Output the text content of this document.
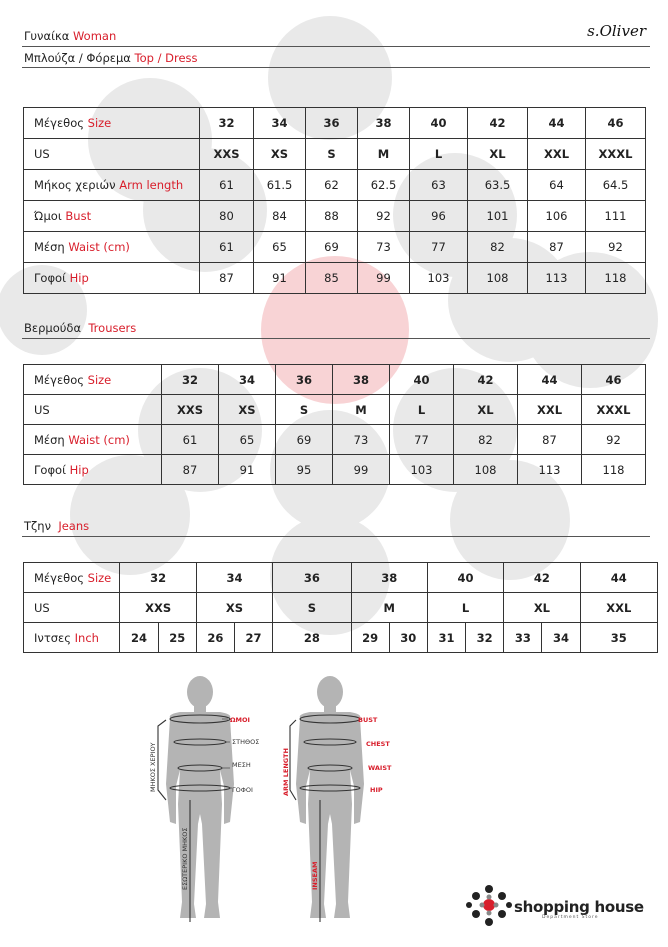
Γυναίκα Woman	s.Oliver
Μπλούζα / Φόρεμα Top / Dress
Μέγεθος Size	32	34	36	38	40	42	44	46
US	XXS	XS	S	M	L	XL	XXL	XXXL
Μήκος χεριών Arm length	61	61.5	62	62.5	63	63.5	64	64.5
Ώμοι Bust	80	84	88	92	96	101	106	111
Μέση Waist (cm)	61	65	69	73	77	82	87	92
Γοφοί Hip	87	91	85	99	103	108	113	118
Βερμούδα Trousers
Μέγεθος Size	32	34	36	38	40	42	44	46
US	XXS	XS	S	M	L	XL	XXL	XXXL
Μέση Waist (cm)	61	65	69	73	77	82	87	92
Γοφοί Hip	87	91	95	99	103	108	113	118
Τζην Jeans
Μέγεθος Size	32		34		36	38		40		42		44
US	XXS		XS		S	M		L		XL		XXL
Ιντσες Inch	24	25	26	27	28	29	30	31	32	33	34	35
ΩΜΟΙ
ΣΤΗΘΟΣ
ΜΕΣΗ
ΓΟΦΟΙ
ΜΗΚΟΣ ΧΕΡΙΟΥ
ΕΣΩΤΕΡΙΚΟ ΜΗΚΟΣ
BUST
CHEST
WAIST
HIP
ARM LENGTH
INSEAM
shopping house
Department Store
